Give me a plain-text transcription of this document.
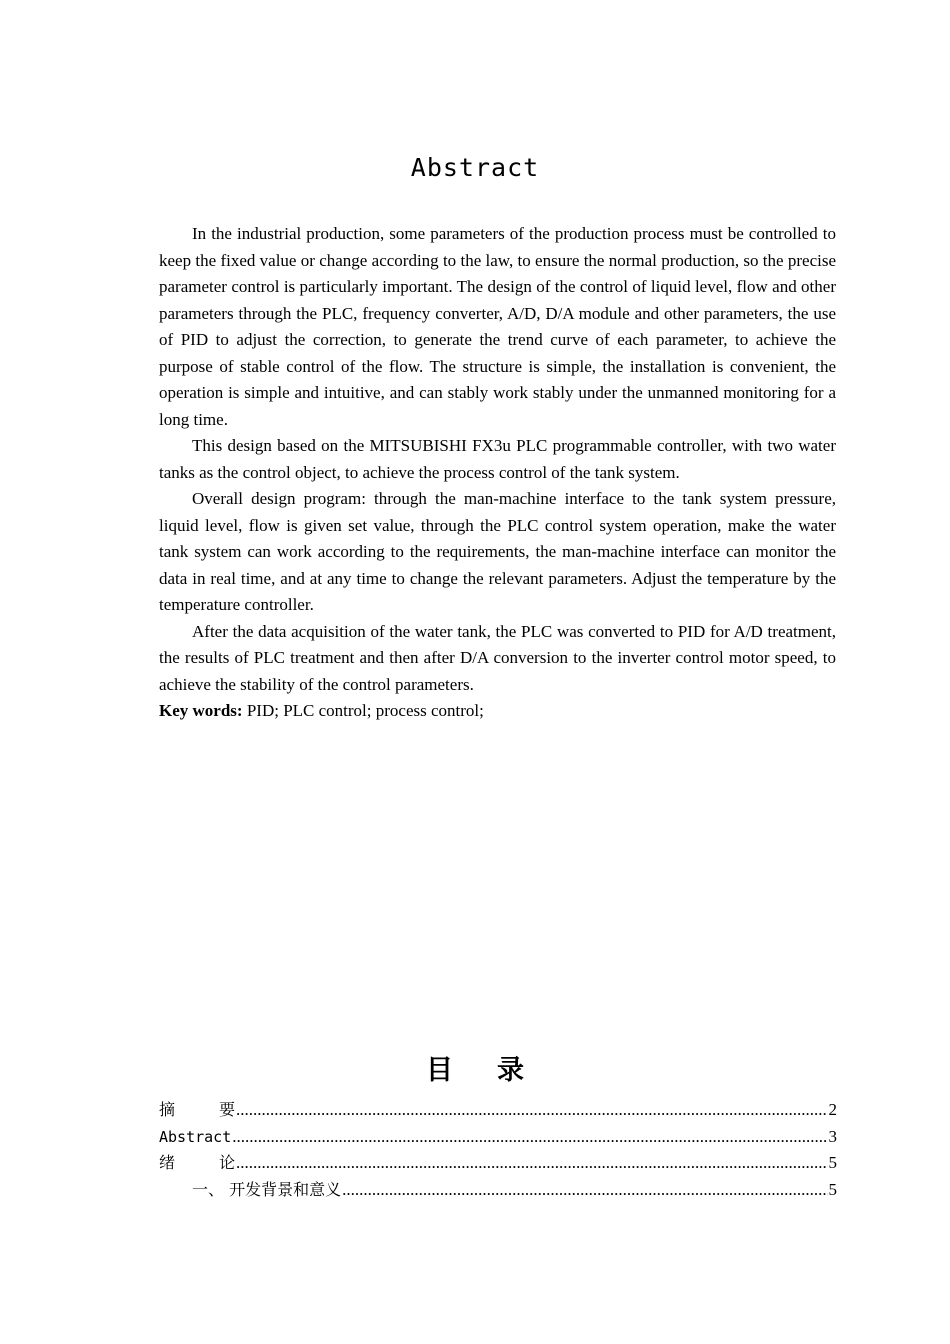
Abstract

In the industrial production, some parameters of the production process must be controlled to keep the fixed value or change according to the law, to ensure the normal production, so the precise parameter control is particularly important. The design of the control of liquid level, flow and other parameters through the PLC, frequency converter, A/D, D/A module and other parameters, the use of PID to adjust the correction, to generate the trend curve of each parameter, to achieve the purpose of stable control of the flow. The structure is simple, the installation is convenient, the operation is simple and intuitive, and can stably work stably under the unmanned monitoring for a long time.

This design based on the MITSUBISHI FX3u PLC programmable controller, with two water tanks as the control object, to achieve the process control of the tank system.

Overall design program: through the man-machine interface to the tank system pressure, liquid level, flow is given set value, through the PLC control system operation, make the water tank system can work according to the requirements, the man-machine interface can monitor the data in real time, and at any time to change the relevant parameters. Adjust the temperature by the temperature controller.

After the data acquisition of the water tank, the PLC was converted to PID for A/D treatment, the results of PLC treatment and then after D/A conversion to the inverter control motor speed, to achieve the stability of the control parameters.

Key words: PID; PLC control; process control;

目 录
摘	要 .....	2
Abstract .....	3
绪	论 .....	5
一、 开发背景和意义 .....	5
